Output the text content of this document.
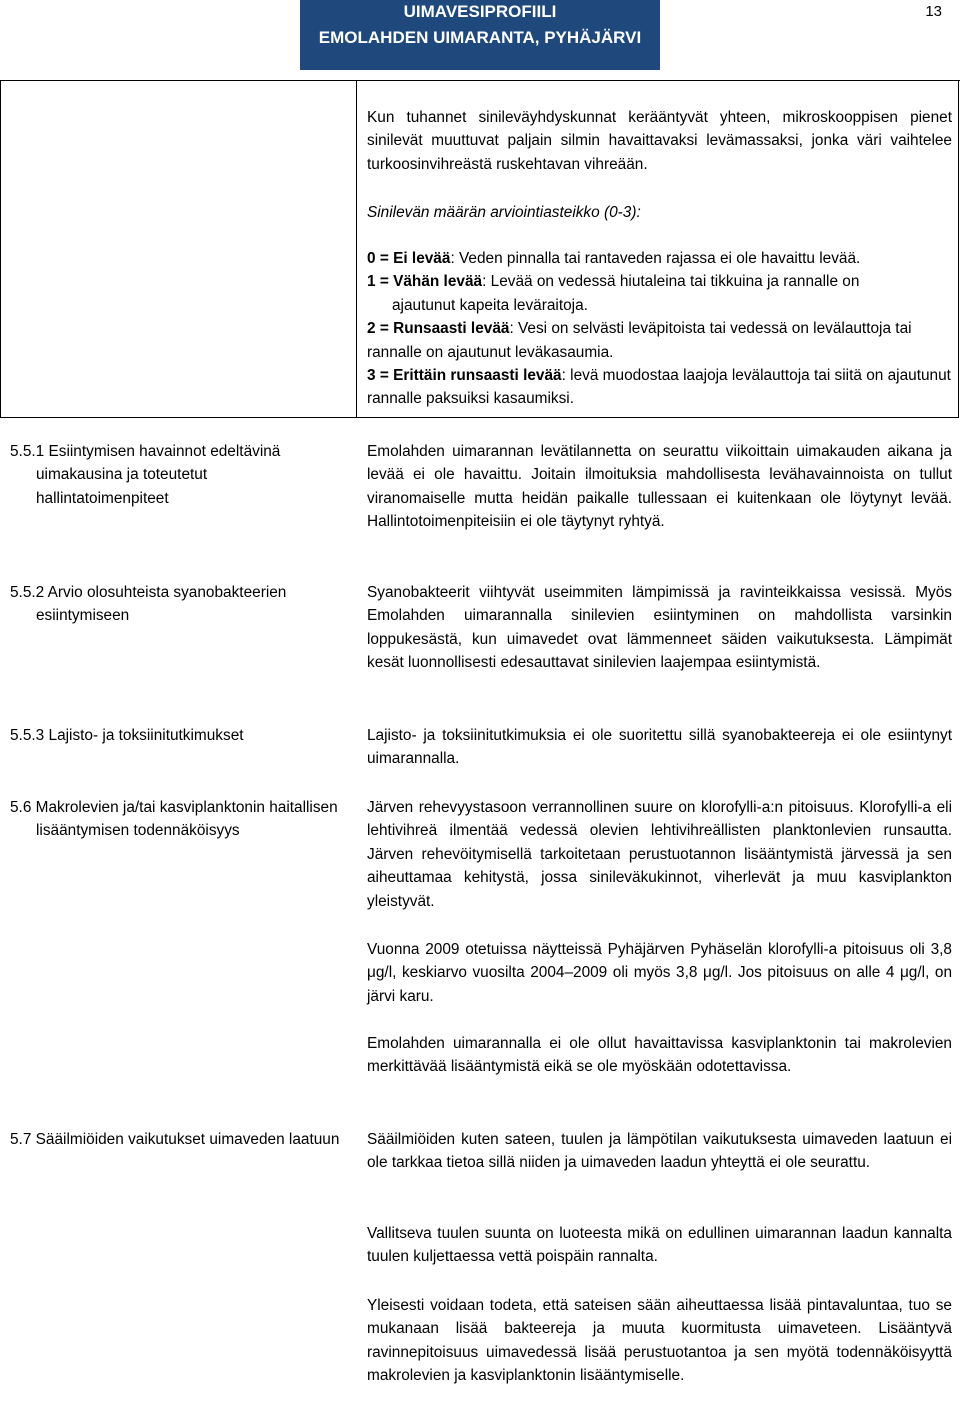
UIMAVESIPROFIILI
EMOLAHDEN UIMARANTA, PYHÄJÄRVI
13

Kun tuhannet sinileväyhdyskunnat kerääntyvät yhteen, mikroskooppisen pienet sinilevät muuttuvat paljain silmin havaittavaksi levämassaksi, jonka väri vaihtelee turkoosinvihreästä ruskehtavan vihreään.

Sinilevän määrän arviointiasteikko (0-3):

0 = Ei levää: Veden pinnalla tai rantaveden rajassa ei ole havaittu levää.

1 = Vähän levää: Levää on vedessä hiutaleina tai tikkuina ja rannalle on

ajautunut kapeita leväraitoja.

2 = Runsaasti levää: Vesi on selvästi leväpitoista tai vedessä on levälauttoja tai rannalle on ajautunut leväkasaumia.

3 = Erittäin runsaasti levää: levä muodostaa laajoja levälauttoja tai siitä on ajautunut rannalle paksuiksi kasaumiksi.

5.5.1 Esiintymisen havainnot edeltävinä uimakausina ja toteutetut hallintatoimenpiteet

Emolahden uimarannan levätilannetta on seurattu viikoittain uimakauden aikana ja levää ei ole havaittu. Joitain ilmoituksia mahdollisesta levähavainnoista on tullut viranomaiselle mutta heidän paikalle tullessaan ei kuitenkaan ole löytynyt levää. Hallintotoimenpiteisiin ei ole täytynyt ryhtyä.

5.5.2 Arvio olosuhteista syanobakteerien esiintymiseen

Syanobakteerit viihtyvät useimmiten lämpimissä ja ravinteikkaissa vesissä. Myös Emolahden uimarannalla sinilevien esiintyminen on mahdollista varsinkin loppukesästä, kun uimavedet ovat lämmenneet säiden vaikutuksesta. Lämpimät kesät luonnollisesti edesauttavat sinilevien laajempaa esiintymistä.

5.5.3 Lajisto- ja toksiinitutkimukset	Lajisto- ja toksiinitutkimuksia ei ole suoritettu sillä syanobakteereja ei ole esiintynyt uimarannalla.

5.6 Makrolevien ja/tai kasviplanktonin haitallisen lisääntymisen todennäköisyys

Järven rehevyystasoon verrannollinen suure on klorofylli-a:n pitoisuus. Klorofylli-a eli lehtivihreä ilmentää vedessä olevien lehtivihreällisten planktonlevien runsautta. Järven rehevöitymisellä tarkoitetaan perustuotannon lisääntymistä järvessä ja sen aiheuttamaa kehitystä, jossa sinileväkukinnot, viherlevät ja muu kasviplankton yleistyvät.

Vuonna 2009 otetuissa näytteissä Pyhäjärven Pyhäselän klorofylli-a pitoisuus oli 3,8 μg/l, keskiarvo vuosilta 2004–2009 oli myös 3,8 μg/l. Jos pitoisuus on alle 4 μg/l, on järvi karu.

Emolahden uimarannalla ei ole ollut havaittavissa kasviplanktonin tai makrolevien merkittävää lisääntymistä eikä se ole myöskään odotettavissa.

5.7 Sääilmiöiden vaikutukset uimaveden laatuun Sääilmiöiden kuten sateen, tuulen ja lämpötilan vaikutuksesta uimaveden laatuun ei ole tarkkaa tietoa sillä niiden ja uimaveden laadun yhteyttä ei ole seurattu.

Vallitseva tuulen suunta on luoteesta mikä on edullinen uimarannan laadun kannalta tuulen kuljettaessa vettä poispäin rannalta.

Yleisesti voidaan todeta, että sateisen sään aiheuttaessa lisää pintavaluntaa, tuo se mukanaan lisää bakteereja ja muuta kuormitusta uimaveteen. Lisääntyvä ravinnepitoisuus uimavedessä lisää perustuotantoa ja sen myötä todennäköisyyttä makrolevien ja kasviplanktonin lisääntymiselle.
